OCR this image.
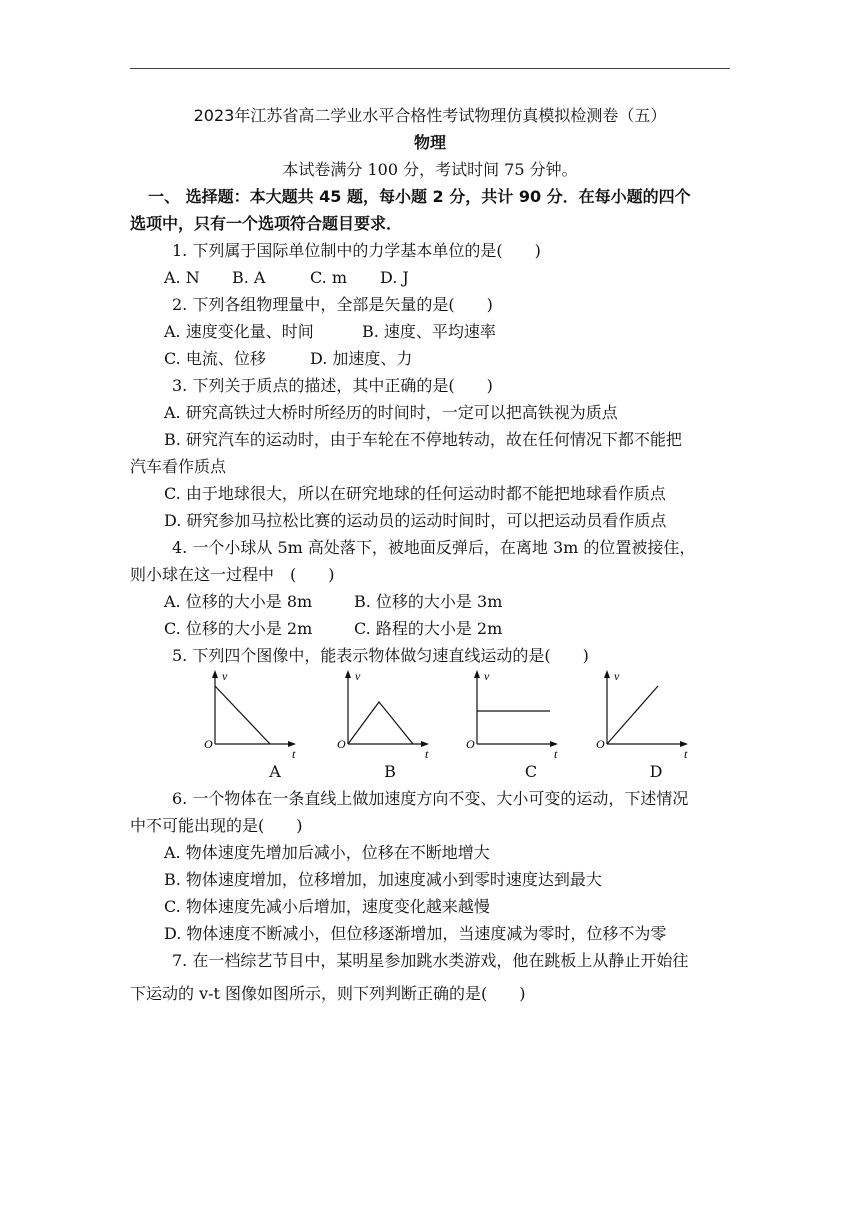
2023年江苏省高二学业水平合格性考试物理仿真模拟检测卷（五）
物理
本试卷满分 100 分，考试时间 75 分钟。
一、 选择题：本大题共 45 题，每小题 2 分，共计 90 分．在每小题的四个
选项中，只有一个选项符合题目要求．
1. 下列属于国际单位制中的力学基本单位的是(　　)
A. N B. A	C. m D. J
2. 下列各组物理量中，全部是矢量的是(　　)
A. 速度变化量、时间	B. 速度、平均速率
C. 电流、位移	D. 加速度、力
3. 下列关于质点的描述，其中正确的是(　　)
A. 研究高铁过大桥时所经历的时间时，一定可以把高铁视为质点
B. 研究汽车的运动时，由于车轮在不停地转动，故在任何情况下都不能把
汽车看作质点
C. 由于地球很大，所以在研究地球的任何运动时都不能把地球看作质点
D. 研究参加马拉松比赛的运动员的运动时间时，可以把运动员看作质点
4. 一个小球从 5m 高处落下，被地面反弹后，在离地 3m 的位置被接住，
则小球在这一过程中　(　　)
A. 位移的大小是 8m	B. 位移的大小是 3m
C. 位移的大小是 2m	C. 路程的大小是 2m
5. 下列四个图像中，能表示物体做匀速直线运动的是(　　)
v
O
t
A
v
O
t
B
v
O
t
C
v
O
t
D
6. 一个物体在一条直线上做加速度方向不变、大小可变的运动，下述情况
中不可能出现的是(　　)
A. 物体速度先增加后减小，位移在不断地增大
B. 物体速度增加，位移增加，加速度减小到零时速度达到最大
C. 物体速度先减小后增加，速度变化越来越慢
D. 物体速度不断减小，但位移逐渐增加，当速度减为零时，位移不为零
7. 在一档综艺节目中，某明星参加跳水类游戏，他在跳板上从静止开始往
下运动的 v-t 图像如图所示，则下列判断正确的是(　　)
